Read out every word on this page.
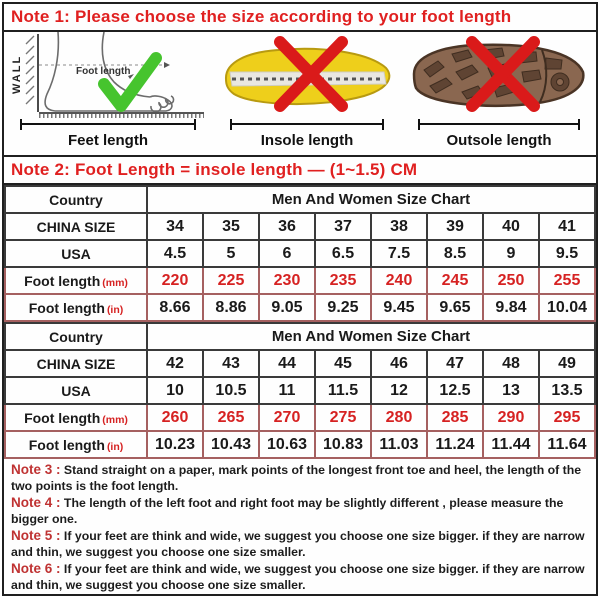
Note 1: Please choose the size according to your foot length
WALL	Foot length
Feet length	Insole length	Outsole length
Note 2: Foot Length = insole length — (1~1.5) CM
Country	Men And Women Size Chart							
CHINA SIZE	34	35	36	37	38	39	40	41
USA	4.5	5	6	6.5	7.5	8.5	9	9.5
Foot length (mm)	220	225	230	235	240	245	250	255
Foot length (in)	8.66	8.86	9.05	9.25	9.45	9.65	9.84	10.04
Country	Men And Women Size Chart							
CHINA SIZE	42	43	44	45	46	47	48	49
USA	10	10.5	11	11.5	12	12.5	13	13.5
Foot length (mm)	260	265	270	275	280	285	290	295
Foot length (in)	10.23	10.43	10.63	10.83	11.03	11.24	11.44	11.64

Note 3 : Stand straight on a paper, mark points of the longest front toe and heel, the length of the two points is the foot length.

Note 4 : The length of the left foot and right foot may be slightly different , please measure the bigger one.

Note 5 : If your feet are think and wide, we suggest you choose one size bigger. if they are narrow and thin, we suggest you choose one size smaller.

Note 6 : If your feet are think and wide, we suggest you choose one size bigger. if they are narrow and thin, we suggest you choose one size smaller.
